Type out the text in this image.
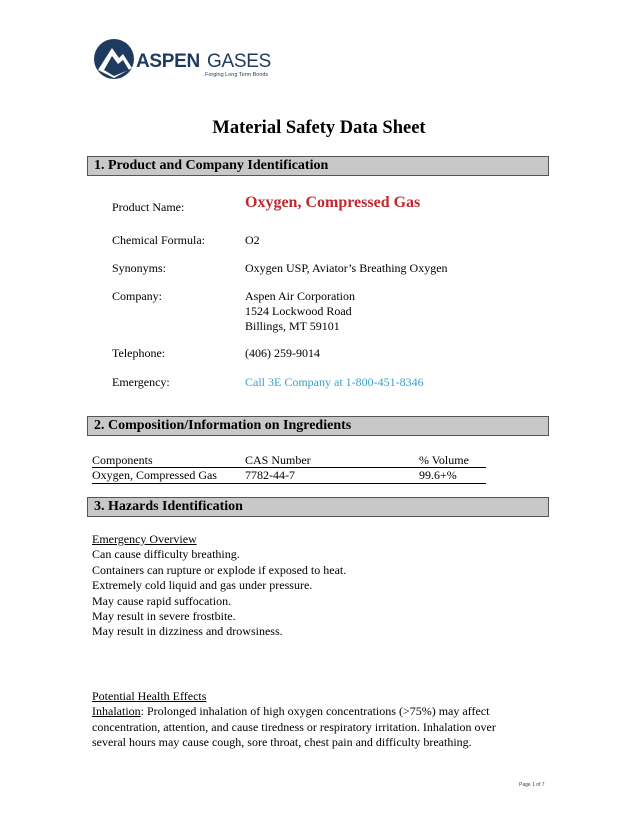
ASPEN GASES
Forging Long Term Bonds
Material Safety Data Sheet
1. Product and Company Identification
Product Name:	Oxygen, Compressed Gas
Chemical Formula:	O2
Synonyms:	Oxygen USP, Aviator’s Breathing Oxygen
Company:	Aspen Air Corporation
1524 Lockwood Road
Billings, MT 59101
Telephone:	(406) 259-9014
Emergency:	Call 3E Company at 1-800-451-8346
2. Composition/Information on Ingredients
Components	CAS Number	% Volume
Oxygen, Compressed Gas 7782-44-7	99.6+%
3. Hazards Identification
Emergency Overview
Can cause difficulty breathing.
Containers can rupture or explode if exposed to heat.
Extremely cold liquid and gas under pressure.
May cause rapid suffocation.
May result in severe frostbite.
May result in dizziness and drowsiness.
Potential Health Effects
Inhalation: Prolonged inhalation of high oxygen concentrations (>75%) may affect
concentration, attention, and cause tiredness or respiratory irritation. Inhalation over
several hours may cause cough, sore throat, chest pain and difficulty breathing.
Page 1 of 7
